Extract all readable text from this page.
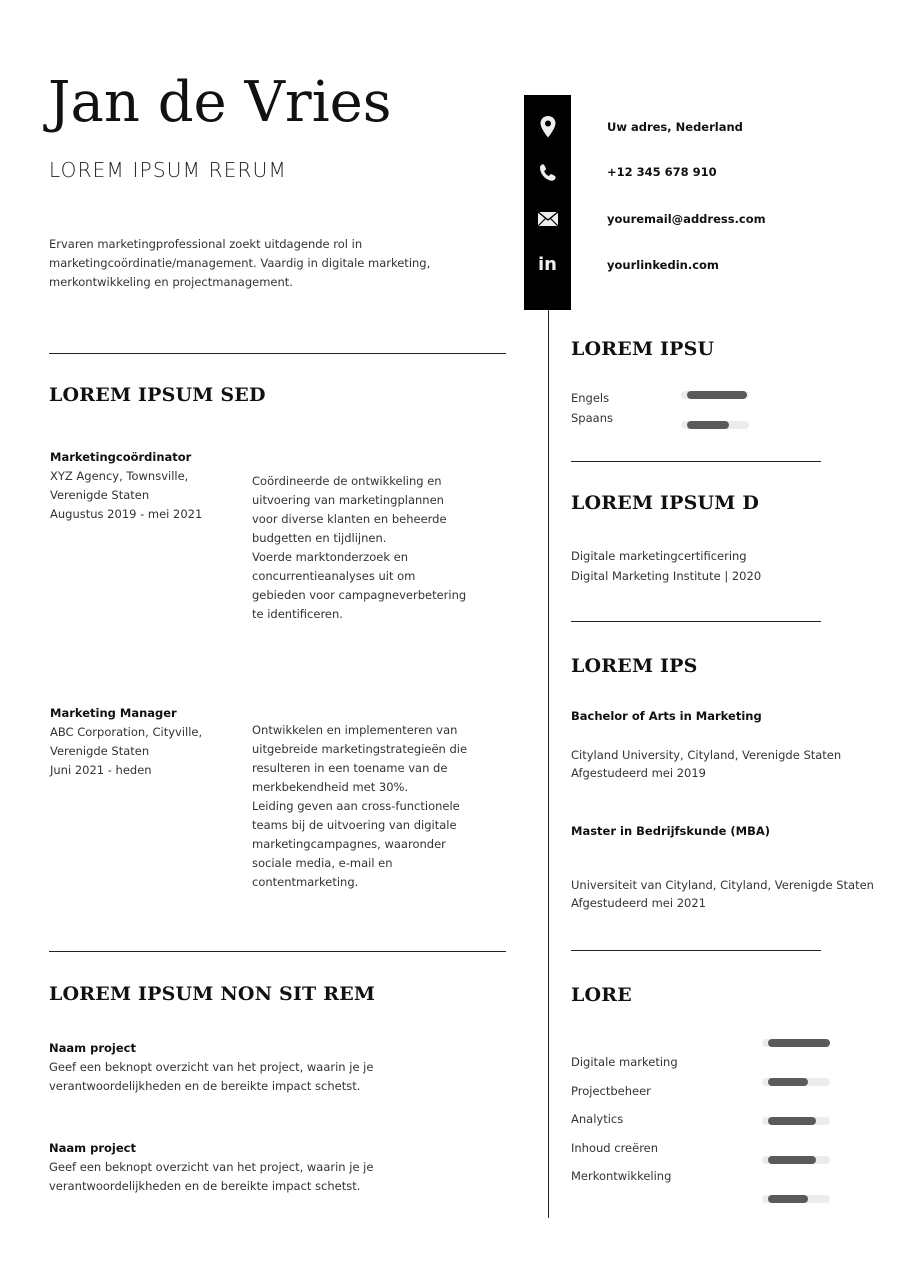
Jan de Vries
LOREM IPSUM RERUM
Ervaren marketingprofessional zoekt uitdagende rol in marketingcoördinatie/management. Vaardig in digitale marketing, merkontwikkeling en projectmanagement.
in
Uw adres, Nederland
+12 345 678 910
youremail@address.com
yourlinkedin.com
LOREM IPSUM SED
Marketingcoördinator
XYZ Agency, Townsville,
Verenigde Staten
Augustus 2019 - mei 2021
Coördineerde de ontwikkeling en
uitvoering van marketingplannen
voor diverse klanten en beheerde
budgetten en tijdlijnen.
Voerde marktonderzoek en
concurrentieanalyses uit om
gebieden voor campagneverbetering
te identificeren.
Marketing Manager
ABC Corporation, Cityville,
Verenigde Staten
Juni 2021 - heden
Ontwikkelen en implementeren van
uitgebreide marketingstrategieën die
resulteren in een toename van de
merkbekendheid met 30%.
Leiding geven aan cross-functionele
teams bij de uitvoering van digitale
marketingcampagnes, waaronder
sociale media, e-mail en
contentmarketing.
LOREM IPSUM NON SIT REM
Naam project
Geef een beknopt overzicht van het project, waarin je je
verantwoordelijkheden en de bereikte impact schetst.
Naam project
Geef een beknopt overzicht van het project, waarin je je
verantwoordelijkheden en de bereikte impact schetst.
LOREM IPSU
Engels
Spaans
LOREM IPSUM D
Digitale marketingcertificering
Digital Marketing Institute | 2020
LOREM IPS
Bachelor of Arts in Marketing
Cityland University, Cityland, Verenigde Staten
Afgestudeerd mei 2019
Master in Bedrijfskunde (MBA)
Universiteit van Cityland, Cityland, Verenigde Staten
Afgestudeerd mei 2021
LORE
Digitale marketing
Projectbeheer
Analytics
Inhoud creëren
Merkontwikkeling
